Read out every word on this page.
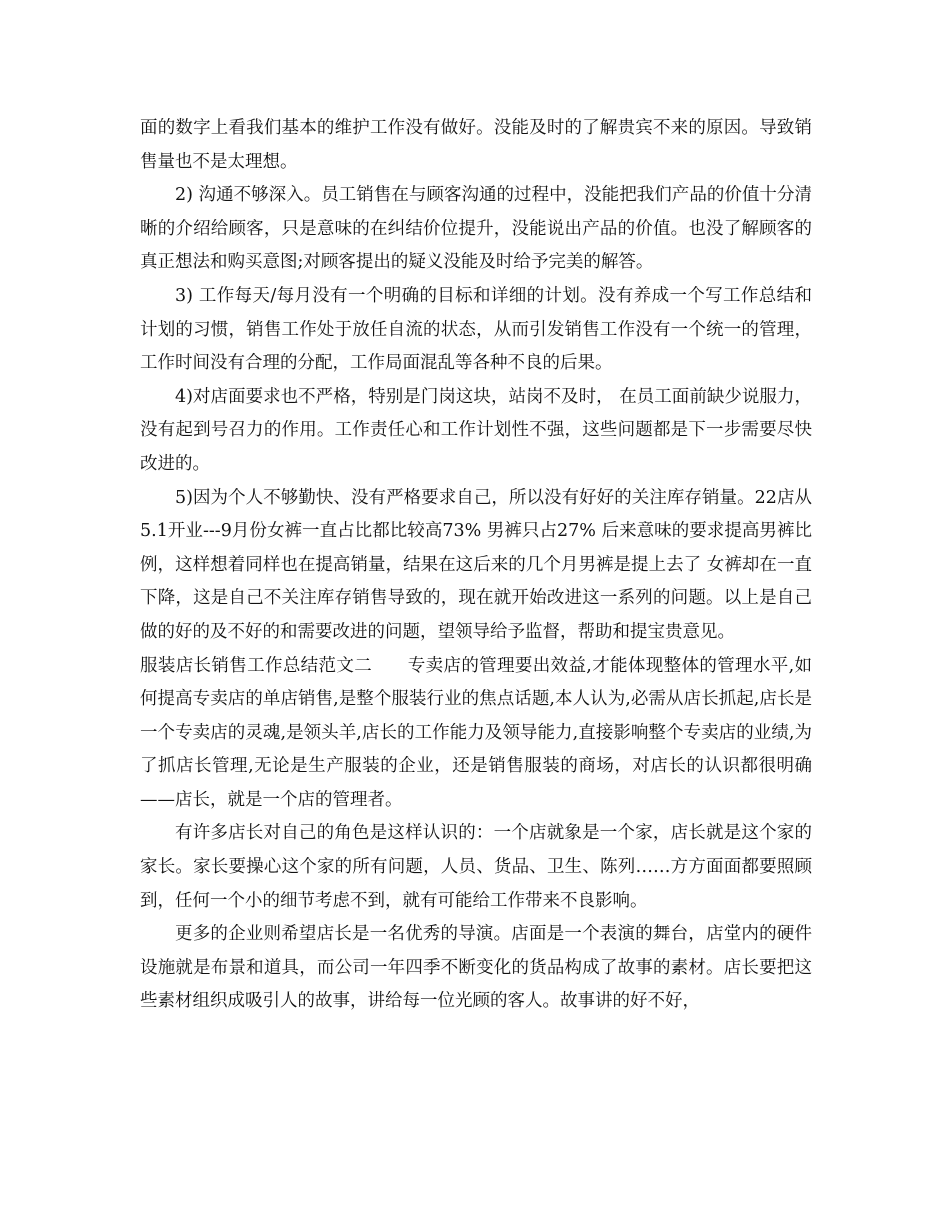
面的数字上看我们基本的维护工作没有做好。没能及时的了解贵宾不来的原因。导致销售量也不是太理想。

2) 沟通不够深入。员工销售在与顾客沟通的过程中，没能把我们产品的价值十分清晰的介绍给顾客，只是意味的在纠结价位提升，没能说出产品的价值。也没了解顾客的真正想法和购买意图;对顾客提出的疑义没能及时给予完美的解答。

3) 工作每天/每月没有一个明确的目标和详细的计划。没有养成一个写工作总结和计划的习惯，销售工作处于放任自流的状态，从而引发销售工作没有一个统一的管理，工作时间没有合理的分配，工作局面混乱等各种不良的后果。

4)对店面要求也不严格，特别是门岗这块，站岗不及时， 在员工面前缺少说服力，没有起到号召力的作用。工作责任心和工作计划性不强，这些问题都是下一步需要尽快改进的。

5)因为个人不够勤快、没有严格要求自己，所以没有好好的关注库存销量。22店从5.1开业---9月份女裤一直占比都比较高73% 男裤只占27% 后来意味的要求提高男裤比例，这样想着同样也在提高销量，结果在这后来的几个月男裤是提上去了 女裤却在一直下降，这是自己不关注库存销售导致的，现在就开始改进这一系列的问题。以上是自己做的好的及不好的和需要改进的问题，望领导给予监督，帮助和提宝贵意见。

服装店长销售工作总结范文二　　专卖店的管理要出效益,才能体现整体的管理水平,如何提高专卖店的单店销售,是整个服装行业的焦点话题,本人认为,必需从店长抓起,店长是一个专卖店的灵魂,是领头羊,店长的工作能力及领导能力,直接影响整个专卖店的业绩,为了抓店长管理,无论是生产服装的企业，还是销售服装的商场，对店长的认识都很明确——店长，就是一个店的管理者。

有许多店长对自己的角色是这样认识的：一个店就象是一个家，店长就是这个家的家长。家长要操心这个家的所有问题，人员、货品、卫生、陈列……方方面面都要照顾到，任何一个小的细节考虑不到，就有可能给工作带来不良影响。

更多的企业则希望店长是一名优秀的导演。店面是一个表演的舞台，店堂内的硬件设施就是布景和道具，而公司一年四季不断变化的货品构成了故事的素材。店长要把这些素材组织成吸引人的故事，讲给每一位光顾的客人。故事讲的好不好，
